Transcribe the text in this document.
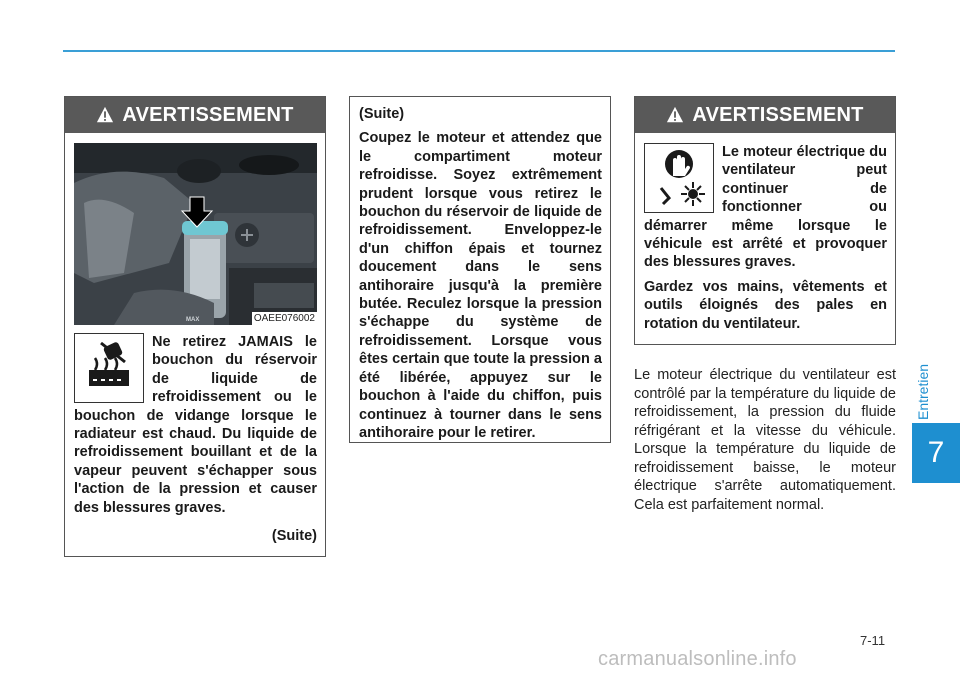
AVERTISSEMENT
MAX	OAEE076002
Ne retirez JAMAIS le bouchon du réservoir de liquide de refroidissement ou le bouchon de vidange lorsque le radiateur est chaud. Du liquide de refroidissement bouillant et de la vapeur peuvent s'échapper sous l'action de la pression et causer des blessures graves.
(Suite)
(Suite)
Coupez le moteur et attendez que le compartiment moteur refroidisse. Soyez extrêmement prudent lorsque vous retirez le bouchon du réservoir de liquide de refroidissement. Enveloppez-le d'un chiffon épais et tournez doucement dans le sens antihoraire jusqu'à la première butée. Reculez lorsque la pression s'échappe du système de refroidissement. Lorsque vous êtes certain que toute la pression a été libérée, appuyez sur le bouchon à l'aide du chiffon, puis continuez à tourner dans le sens antihoraire pour le retirer.
AVERTISSEMENT
Le moteur électrique du ventilateur peut continuer de fonctionner ou démarrer même lorsque le véhicule est arrêté et provoquer des blessures graves.
Gardez vos mains, vêtements et outils éloignés des pales en rotation du ventilateur.
Le moteur électrique du ventilateur est contrôlé par la température du liquide de refroidissement, la pression du fluide réfrigérant et la vitesse du véhicule. Lorsque la température du liquide de refroidissement baisse, le moteur électrique s'arrête automatiquement. Cela est parfaitement normal.
Entretien
7
7-11
carmanualsonline.info
